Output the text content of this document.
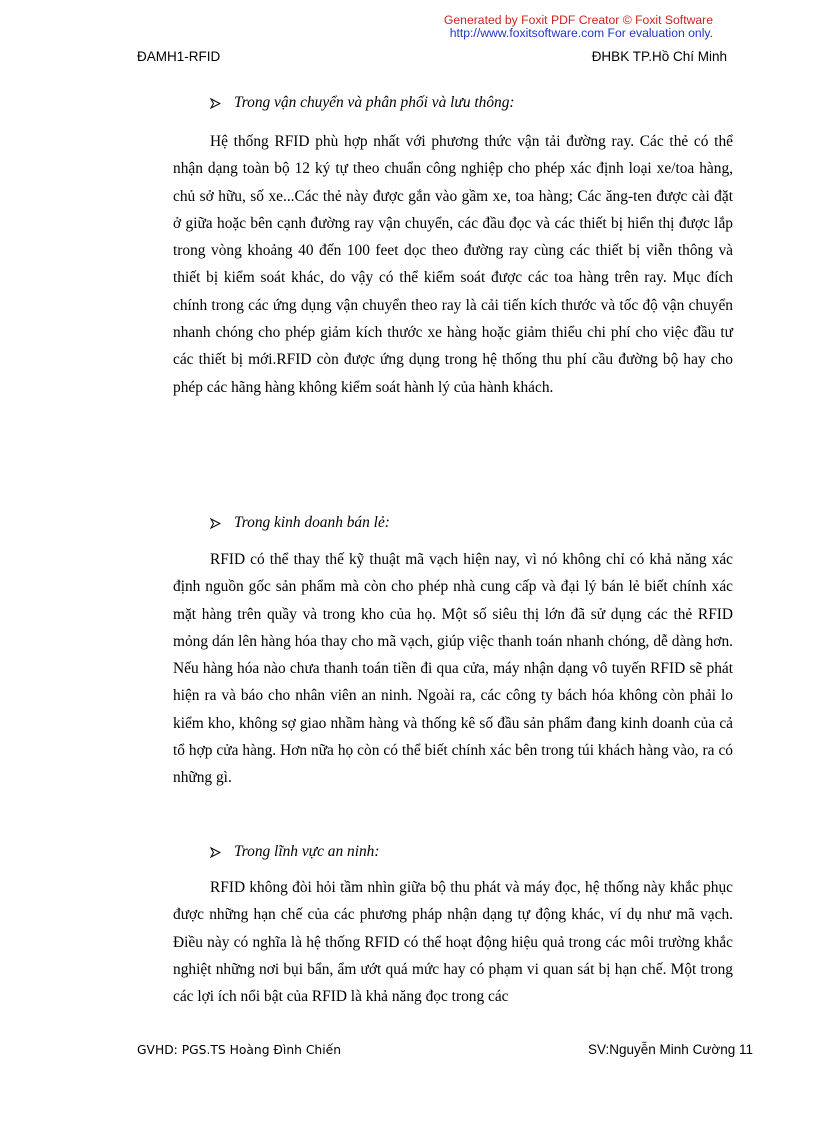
Generated by Foxit PDF Creator © Foxit Software
http://www.foxitsoftware.com For evaluation only.
ĐAMH1-RFID	ĐHBK TP.Hồ Chí Minh
Trong vận chuyển và phân phối và lưu thông:

Hệ thống RFID phù hợp nhất với phương thức vận tải đường ray. Các thẻ có thể nhận dạng toàn bộ 12 ký tự theo chuẩn công nghiệp cho phép xác định loại xe/toa hàng, chủ sở hữu, số xe...Các thẻ này được gắn vào gầm xe, toa hàng; Các ăng-ten được cài đặt ở giữa hoặc bên cạnh đường ray vận chuyển, các đầu đọc và các thiết bị hiển thị được lắp trong vòng khoảng 40 đến 100 feet dọc theo đường ray cùng các thiết bị viễn thông và thiết bị kiểm soát khác, do vậy có thể kiểm soát được các toa hàng trên ray. Mục đích chính trong các ứng dụng vận chuyển theo ray là cải tiến kích thước và tốc độ vận chuyển nhanh chóng cho phép giảm kích thước xe hàng hoặc giảm thiểu chi phí cho việc đầu tư các thiết bị mới.RFID còn được ứng dụng trong hệ thống thu phí cầu đường bộ hay cho phép các hãng hàng không kiểm soát hành lý của hành khách.

Trong kinh doanh bán lẻ:

RFID có thể thay thế kỹ thuật mã vạch hiện nay, vì nó không chỉ có khả năng xác định nguồn gốc sản phẩm mà còn cho phép nhà cung cấp và đại lý bán lẻ biết chính xác mặt hàng trên quầy và trong kho của họ. Một số siêu thị lớn đã sử dụng các thẻ RFID mỏng dán lên hàng hóa thay cho mã vạch, giúp việc thanh toán nhanh chóng, dễ dàng hơn. Nếu hàng hóa nào chưa thanh toán tiền đi qua cửa, máy nhận dạng vô tuyến RFID sẽ phát hiện ra và báo cho nhân viên an ninh. Ngoài ra, các công ty bách hóa không còn phải lo kiểm kho, không sợ giao nhầm hàng và thống kê số đầu sản phẩm đang kinh doanh của cả tổ hợp cửa hàng. Hơn nữa họ còn có thể biết chính xác bên trong túi khách hàng vào, ra có những gì.

Trong lĩnh vực an ninh:

RFID không đòi hỏi tầm nhìn giữa bộ thu phát và máy đọc, hệ thống này khắc phục được những hạn chế của các phương pháp nhận dạng tự động khác, ví dụ như mã vạch. Điều này có nghĩa là hệ thống RFID có thể hoạt động hiệu quả trong các môi trường khắc nghiệt những nơi bụi bẩn, ẩm ướt quá mức hay có phạm vi quan sát bị hạn chế. Một trong các lợi ích nổi bật của RFID là khả năng đọc trong các

GVHD: PGS.TS Hoàng Đình Chiến	SV:Nguyễn Minh Cường 11
